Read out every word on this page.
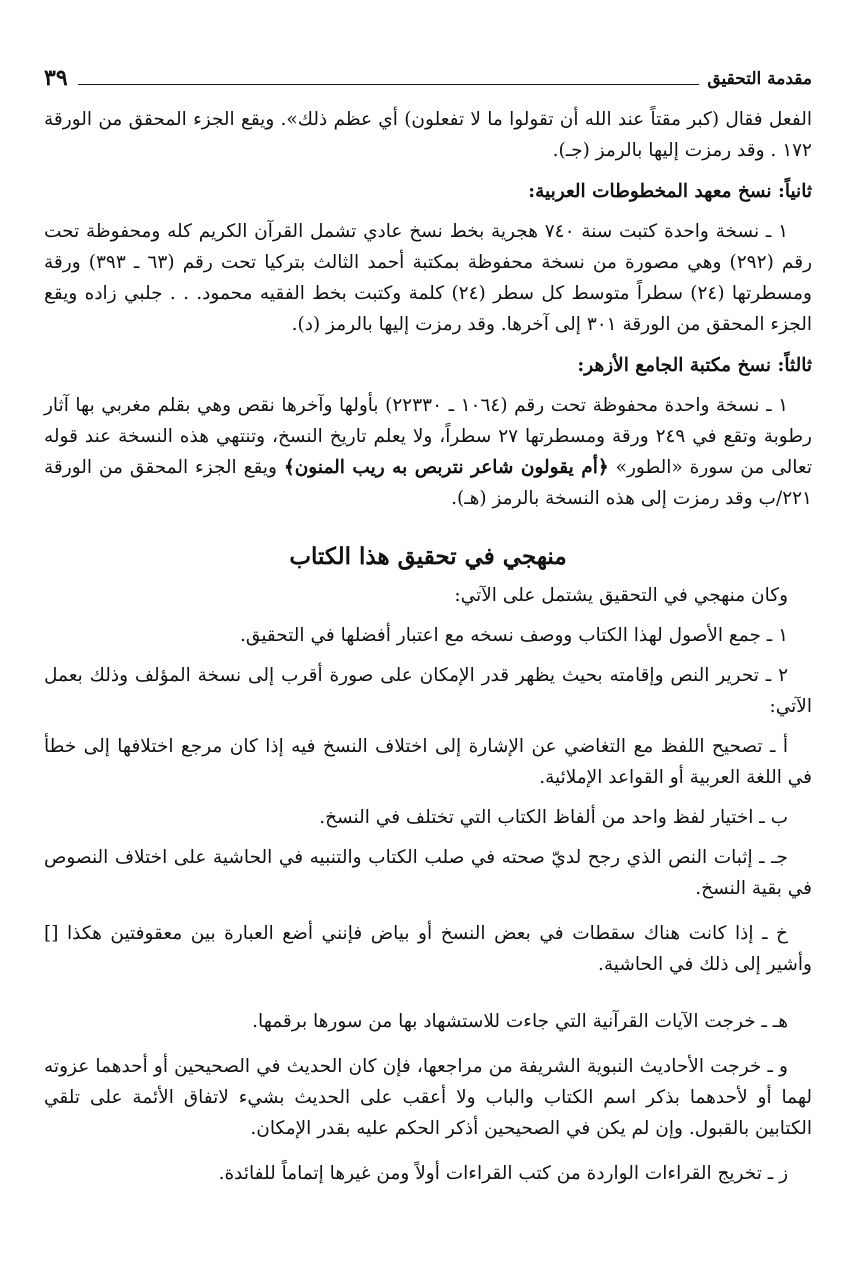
مقدمة التحقيق
٣٩

الفعل فقال (كبر مقتاً عند الله أن تقولوا ما لا تفعلون) أي عظم ذلك». ويقع الجزء المحقق من الورقة ١٧٢ . وقد رمزت إليها بالرمز (جـ).

ثانياً: نسخ معهد المخطوطات العربية:

١ ـ نسخة واحدة كتبت سنة ٧٤٠ هجرية بخط نسخ عادي تشمل القرآن الكريم كله ومحفوظة تحت رقم (٢٩٢) وهي مصورة من نسخة محفوظة بمكتبة أحمد الثالث بتركيا تحت رقم (٦٣ ـ ٣٩٣) ورقة ومسطرتها (٢٤) سطراً متوسط كل سطر (٢٤) كلمة وكتبت بخط الفقيه محمود. . . جلبي زاده ويقع الجزء المحقق من الورقة ٣٠١ إلى آخرها. وقد رمزت إليها بالرمز (د).

ثالثاً: نسخ مكتبة الجامع الأزهر:

١ ـ نسخة واحدة محفوظة تحت رقم (١٠٦٤ ـ ٢٢٣٣٠) بأولها وآخرها نقص وهي بقلم مغربي بها آثار رطوبة وتقع في ٢٤٩ ورقة ومسطرتها ٢٧ سطراً، ولا يعلم تاريخ النسخ، وتنتهي هذه النسخة عند قوله تعالى من سورة «الطور» ﴿أم يقولون شاعر نتربص به ريب المنون﴾ ويقع الجزء المحقق من الورقة ٢٢١/ب وقد رمزت إلى هذه النسخة بالرمز (هـ).

منهجي في تحقيق هذا الكتاب

وكان منهجي في التحقيق يشتمل على الآتي:

١ ـ جمع الأصول لهذا الكتاب ووصف نسخه مع اعتبار أفضلها في التحقيق.

٢ ـ تحرير النص وإقامته بحيث يظهر قدر الإمكان على صورة أقرب إلى نسخة المؤلف وذلك بعمل الآتي:

أ ـ تصحيح اللفظ مع التغاضي عن الإشارة إلى اختلاف النسخ فيه إذا كان مرجع اختلافها إلى خطأ في اللغة العربية أو القواعد الإملائية.

ب ـ اختيار لفظ واحد من ألفاظ الكتاب التي تختلف في النسخ.

جـ ـ إثبات النص الذي رجح لديّ صحته في صلب الكتاب والتنبيه في الحاشية على اختلاف النصوص في بقية النسخ.

خ ـ إذا كانت هناك سقطات في بعض النسخ أو بياض فإنني أضع العبارة بين معقوفتين هكذا [] وأشير إلى ذلك في الحاشية.

هـ ـ خرجت الآيات القرآنية التي جاءت للاستشهاد بها من سورها برقمها.

و ـ خرجت الأحاديث النبوية الشريفة من مراجعها، فإن كان الحديث في الصحيحين أو أحدهما عزوته لهما أو لأحدهما بذكر اسم الكتاب والباب ولا أعقب على الحديث بشيء لاتفاق الأئمة على تلقي الكتابين بالقبول. وإن لم يكن في الصحيحين أذكر الحكم عليه بقدر الإمكان.

ز ـ تخريج القراءات الواردة من كتب القراءات أولاً ومن غيرها إتماماً للفائدة.
